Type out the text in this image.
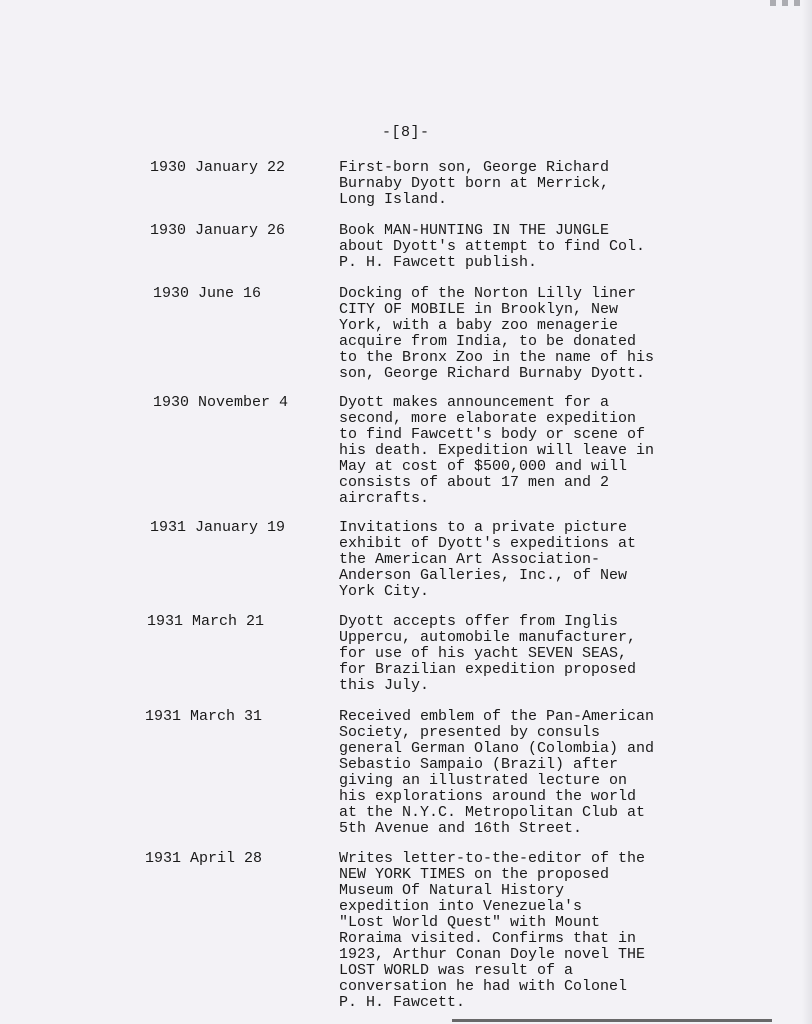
-[8]-
1930 January 22	First-born son, George Richard
Burnaby Dyott born at Merrick,
Long Island.
1930 January 26	Book MAN-HUNTING IN THE JUNGLE
about Dyott's attempt to find Col.
P. H. Fawcett publish.
1930 June 16	Docking of the Norton Lilly liner
CITY OF MOBILE in Brooklyn, New
York, with a baby zoo menagerie
acquire from India, to be donated
to the Bronx Zoo in the name of his
son, George Richard Burnaby Dyott.
1930 November 4	Dyott makes announcement for a
second, more elaborate expedition
to find Fawcett's body or scene of
his death. Expedition will leave in
May at cost of $500,000 and will
consists of about 17 men and 2
aircrafts.
1931 January 19	Invitations to a private picture
exhibit of Dyott's expeditions at
the American Art Association-
Anderson Galleries, Inc., of New
York City.
1931 March 21	Dyott accepts offer from Inglis
Uppercu, automobile manufacturer,
for use of his yacht SEVEN SEAS,
for Brazilian expedition proposed
this July.
1931 March 31	Received emblem of the Pan-American
Society, presented by consuls
general German Olano (Colombia) and
Sebastio Sampaio (Brazil) after
giving an illustrated lecture on
his explorations around the world
at the N.Y.C. Metropolitan Club at
5th Avenue and 16th Street.
1931 April 28	Writes letter-to-the-editor of the
NEW YORK TIMES on the proposed
Museum Of Natural History
expedition into Venezuela's
"Lost World Quest" with Mount
Roraima visited. Confirms that in
1923, Arthur Conan Doyle novel THE
LOST WORLD was result of a
conversation he had with Colonel
P. H. Fawcett.
